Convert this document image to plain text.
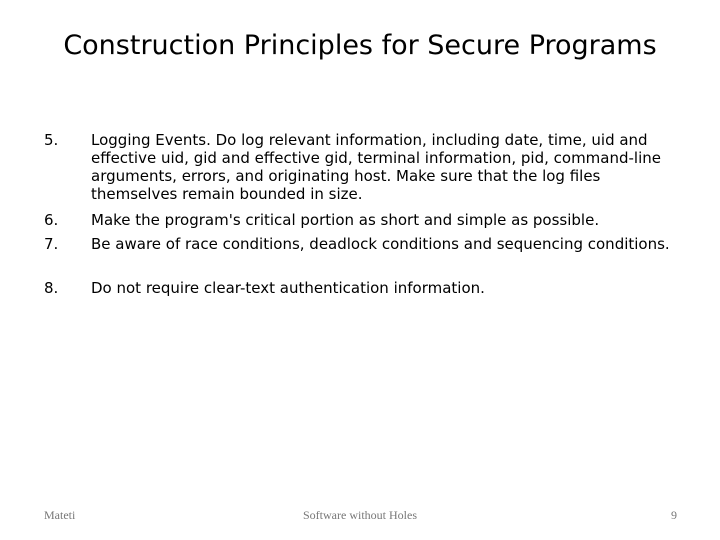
Construction Principles for Secure Programs
5. Logging Events. Do log relevant information, including date, time, uid and effective uid, gid and effective gid, terminal information, pid, command-line arguments, errors, and originating host. Make sure that the log files themselves remain bounded in size.
6. Make the program's critical portion as short and simple as possible.
7. Be aware of race conditions, deadlock conditions and sequencing conditions.
8. Do not require clear-text authentication information.
Mateti	Software without Holes	9
